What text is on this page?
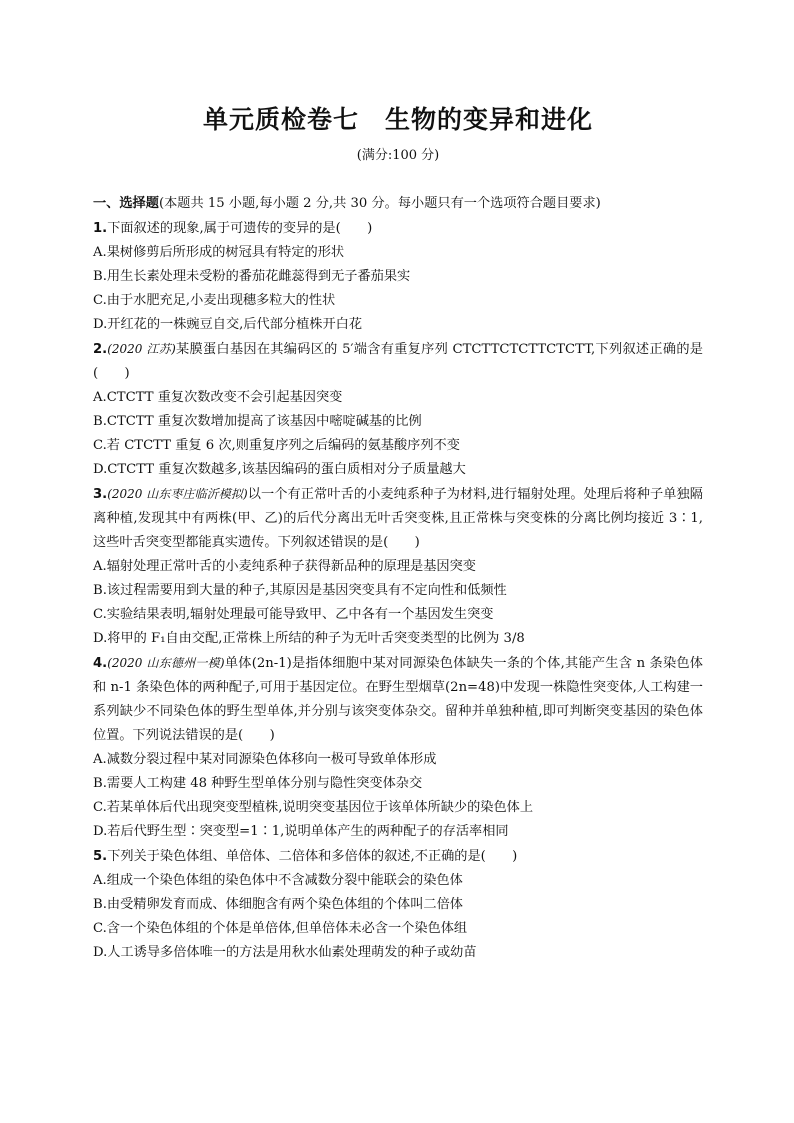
单元质检卷七　生物的变异和进化
(满分:100 分)
一、选择题(本题共 15 小题,每小题 2 分,共 30 分。每小题只有一个选项符合题目要求)
1.下面叙述的现象,属于可遗传的变异的是(　　)
A.果树修剪后所形成的树冠具有特定的形状
B.用生长素处理未受粉的番茄花雌蕊得到无子番茄果实
C.由于水肥充足,小麦出现穗多粒大的性状
D.开红花的一株豌豆自交,后代部分植株开白花
2.(2020 江苏)某膜蛋白基因在其编码区的 5′端含有重复序列 CTCTTCTCTTCTCTT,下列叙述正确的是(　　)
A.CTCTT 重复次数改变不会引起基因突变
B.CTCTT 重复次数增加提高了该基因中嘧啶碱基的比例
C.若 CTCTT 重复 6 次,则重复序列之后编码的氨基酸序列不变
D.CTCTT 重复次数越多,该基因编码的蛋白质相对分子质量越大
3.(2020 山东枣庄临沂模拟)以一个有正常叶舌的小麦纯系种子为材料,进行辐射处理。处理后将种子单独隔离种植,发现其中有两株(甲、乙)的后代分离出无叶舌突变株,且正常株与突变株的分离比例均接近 3∶1,这些叶舌突变型都能真实遗传。下列叙述错误的是(　　)
A.辐射处理正常叶舌的小麦纯系种子获得新品种的原理是基因突变
B.该过程需要用到大量的种子,其原因是基因突变具有不定向性和低频性
C.实验结果表明,辐射处理最可能导致甲、乙中各有一个基因发生突变
D.将甲的 F₁自由交配,正常株上所结的种子为无叶舌突变类型的比例为 3/8
4.(2020 山东德州一模)单体(2n-1)是指体细胞中某对同源染色体缺失一条的个体,其能产生含 n 条染色体和 n-1 条染色体的两种配子,可用于基因定位。在野生型烟草(2n=48)中发现一株隐性突变体,人工构建一系列缺少不同染色体的野生型单体,并分别与该突变体杂交。留种并单独种植,即可判断突变基因的染色体位置。下列说法错误的是(　　)
A.减数分裂过程中某对同源染色体移向一极可导致单体形成
B.需要人工构建 48 种野生型单体分别与隐性突变体杂交
C.若某单体后代出现突变型植株,说明突变基因位于该单体所缺少的染色体上
D.若后代野生型∶突变型=1∶1,说明单体产生的两种配子的存活率相同
5.下列关于染色体组、单倍体、二倍体和多倍体的叙述,不正确的是(　　)
A.组成一个染色体组的染色体中不含减数分裂中能联会的染色体
B.由受精卵发育而成、体细胞含有两个染色体组的个体叫二倍体
C.含一个染色体组的个体是单倍体,但单倍体未必含一个染色体组
D.人工诱导多倍体唯一的方法是用秋水仙素处理萌发的种子或幼苗
